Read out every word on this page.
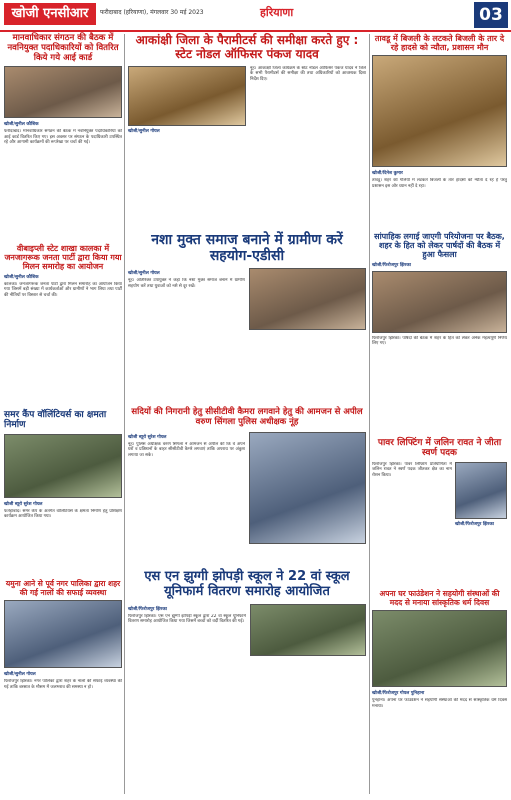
खोजी एनसीआर	फरीदाबाद (हरियाणा), मंगलवार 30 मई 2023	हरियाणा	03
मानवाधिकार संगठन की बैठक में नवनियुक्त पदाधिकारियों को वितरित किये गये आई कार्ड
खोजी/सुनील कौशिक
फरीदाबाद। मानवाधिकार संगठन की बैठक में नवनियुक्त पदाधिकारियों को आई कार्ड वितरित किए गए। इस अवसर पर संगठन के पदाधिकारी उपस्थित रहे और आगामी कार्यक्रमों की रूपरेखा पर चर्चा की गई।
वीबाइप्ली स्टेट शाखा कालका में जनजागरूक जनता पार्टी द्वारा किया गया मिलन समारोह का आयोजन
खोजी/सुनील कौशिक
कालका। जनजागरूक जनता पार्टी द्वारा मिलन समारोह का आयोजन किया गया जिसमें बड़ी संख्या में कार्यकर्ताओं और ग्रामीणों ने भाग लिया तथा पार्टी की नीतियों पर विस्तार से चर्चा की।
समर कैंप वॉलिंटियर्स का क्षमता निर्माण
खोजी ब्यूरो सुरेश गोयल
फतेहाबाद। समर कैंप के अंतर्गत वॉलिंटियर्स के क्षमता निर्माण हेतु प्रशिक्षण कार्यक्रम आयोजित किया गया।
यमुना आने से पूर्व नगर पालिका द्वारा शहर की गई नालों की सफाई व्यवस्था
खोजी/सुनील गोयल
फिरोजपुर झिरका। नगर पालिका द्वारा शहर के नालों की सफाई व्यवस्था की गई ताकि बरसात के मौसम में जलभराव की समस्या न हो।
आकांक्षी जिला के पैरामीटर्स की समीक्षा करते हुए : स्टेट नोडल ऑफिसर पंकज यादव
खोजी/सुनील गोयल
नूंह। आकांक्षी जिला कार्यक्रम के स्टेट नोडल ऑफिसर पंकज यादव ने जिले के सभी पैरामीटर्स की समीक्षा की तथा अधिकारियों को आवश्यक दिशा निर्देश दिए।
नशा मुक्त समाज बनाने में ग्रामीण करें सहयोग-एडीसी
खोजी/सुनील गोयल
नूंह। अतिरिक्त उपायुक्त ने कहा कि नशा मुक्त समाज बनाने में ग्रामीण सहयोग करें तथा युवाओं को नशे से दूर रखें।
सदियों की निगरानी हेतु सीसीटीवी कैमरा लगवाने हेतु की आमजन से अपील वरुण सिंगला पुलिस अधीक्षक नूंह
खोजी ब्यूरो सुरेश गोयल
नूंह। पुलिस अधीक्षक वरुण सिंगला ने आमजन से अपील की कि वे अपने घरों व प्रतिष्ठानों के बाहर सीसीटीवी कैमरे लगवाएं ताकि अपराध पर अंकुश लगाया जा सके।
एस एन झुग्गी झोपड़ी स्कूल ने 22 वां स्कूल यूनिफार्म वितरण समारोह आयोजित
खोजी/फिरोजपुर झिरका
फिरोजपुर झिरका। एस एन झुग्गी झोपड़ी स्कूल द्वारा 22 वां स्कूल यूनिफार्म वितरण समारोह आयोजित किया गया जिसमें बच्चों को वर्दी वितरित की गई।
तावडू में बिजली के लटकते बिजली के तार दे रहे हादसे को न्यौता, प्रशासन मौन
खोजी/दिनेश कुमार
तावडू। शहर की गलियों में लटकते बिजली के तार हादसों को न्यौता दे रहे हैं परंतु प्रशासन इस ओर ध्यान नहीं दे रहा।
सांपाहिक लगाई जाएगी परियोजना पर बैठक, शहर के हित को लेकर पार्षदों की बैठक में हुआ फैसला
खोजी/फिरोजपुर झिरका
फिरोजपुर झिरका। पार्षदों की बैठक में शहर के हित को लेकर अनेक महत्वपूर्ण निर्णय लिए गए।
पावर लिफ्टिंग में जलिन रावत ने जीता स्वर्ण पदक
फिरोजपुर झिरका। पावर लिफ्टिंग प्रतियोगिता में जलिन रावत ने स्वर्ण पदक जीतकर क्षेत्र का नाम रोशन किया।
खोजी/फिरोजपुर झिरका
अपना घर फाउंडेशन ने सहयोगी संस्थाओं की मदद से मनाया सांस्कृतिक धर्म दिवस
खोजी/फिरोजपुर गोयल पुनिहाना
पुनहाना। अपना घर फाउंडेशन ने सहयोगी संस्थाओं की मदद से सांस्कृतिक धर्म दिवस मनाया।
